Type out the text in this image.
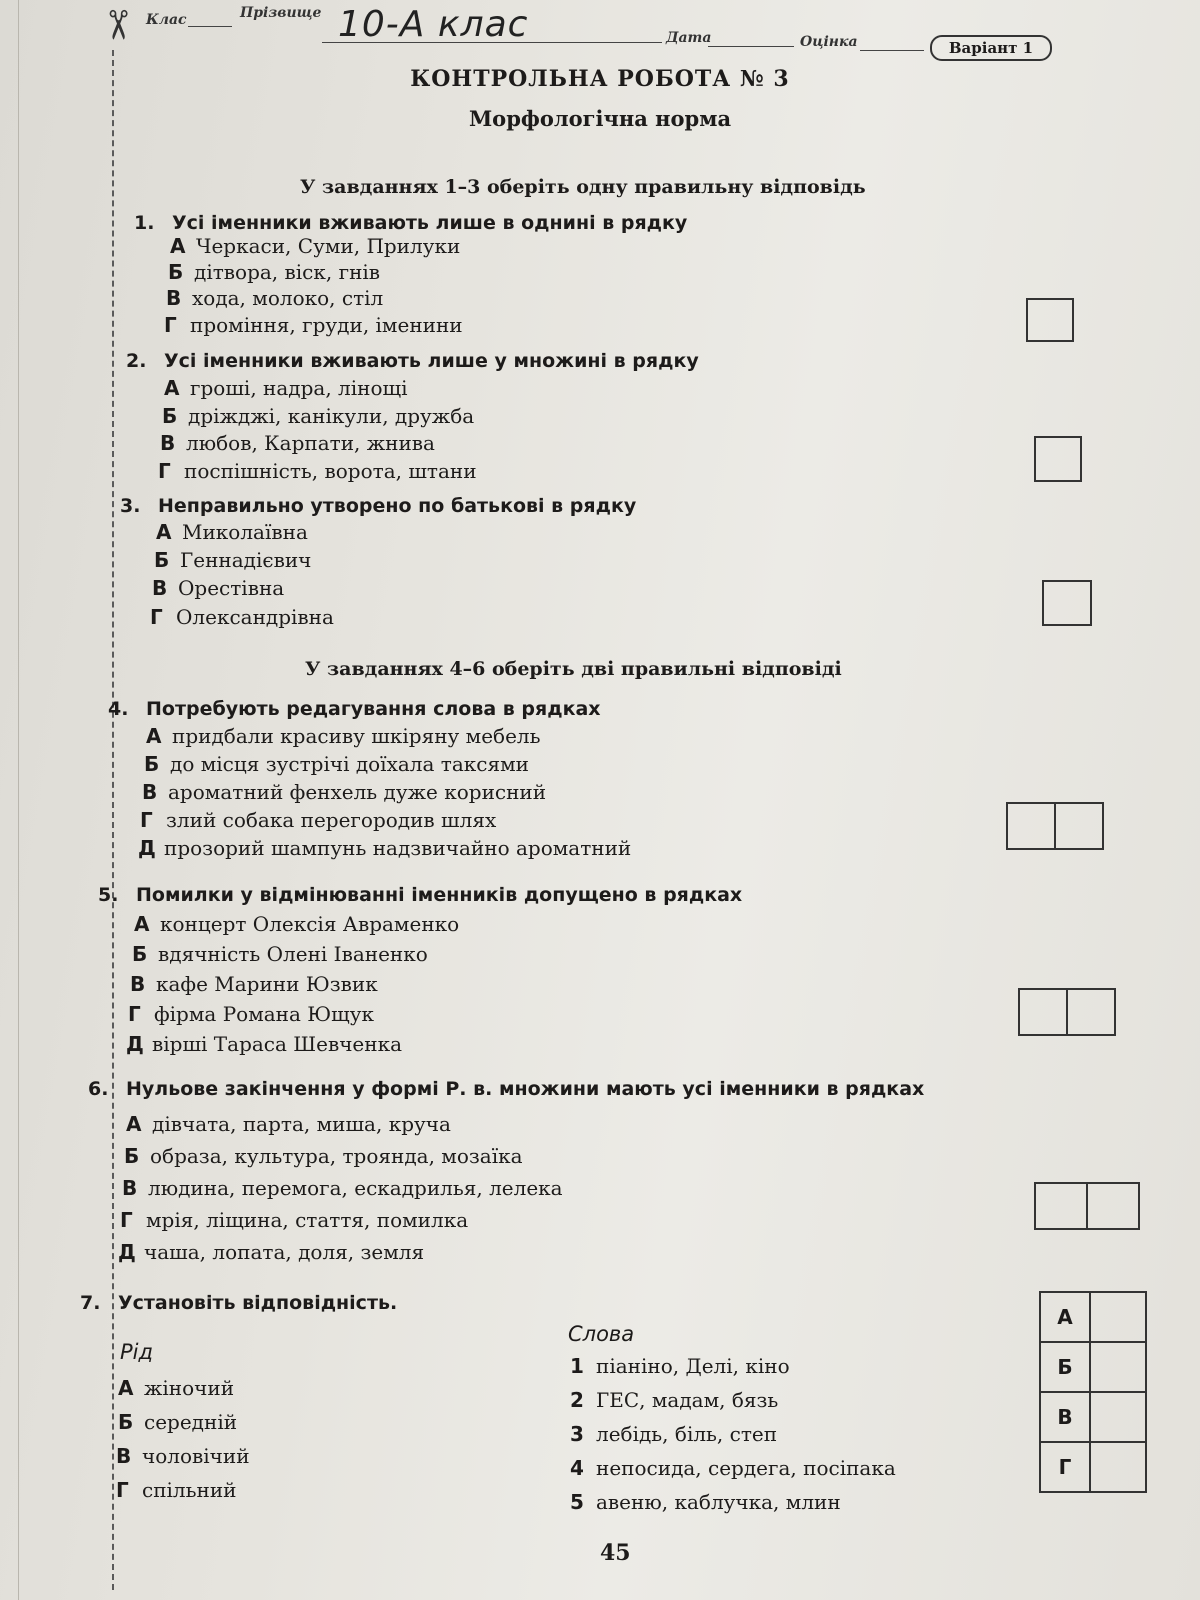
✂ Клас	Прізвище 10-А клас	Дата	Оцінка	Варіант 1
КОНТРОЛЬНА РОБОТА № 3
Морфологічна норма
У завданнях 1–3 оберіть одну правильну відповідь
У завданнях 4–6 оберіть дві правильні відповіді
1. Усі іменники вживають лише в однині в рядку
А Черкаси, Суми, Прилуки
Б дітвора, віск, гнів
В хода, молоко, стіл
Г проміння, груди, іменини
2. Усі іменники вживають лише у множині в рядку
А гроші, надра, лінощі
Б дріжджі, канікули, дружба
В любов, Карпати, жнива
Г поспішність, ворота, штани
3. Неправильно утворено по батькові в рядку
А Миколаївна
Б Геннадієвич
В Орестівна
Г Олександрівна
4. Потребують редагування слова в рядках
А придбали красиву шкіряну мебель
Б до місця зустрічі доїхала таксями
В ароматний фенхель дуже корисний
Г злий собака перегородив шлях
Д прозорий шампунь надзвичайно ароматний
5. Помилки у відмінюванні іменників допущено в рядках
А концерт Олексія Авраменко
Б вдячність Олені Іваненко
В кафе Марини Юзвик
Г фірма Романа Ющук
Д вірші Тараса Шевченка
6. Нульове закінчення у формі Р. в. множини мають усі іменники в рядках
А дівчата, парта, миша, круча
Б образа, культура, троянда, мозаїка
В людина, перемога, ескадрилья, лелека
Г мрія, ліщина, стаття, помилка
Д чаша, лопата, доля, земля
7. Установіть відповідність.
Рід
Слова
А жіночий
Б середній
В чоловічий
Г спільний
1 піаніно, Делі, кіно
2 ГЕС, мадам, бязь
3 лебідь, біль, степ
4 непосида, сердега, посіпака
5 авеню, каблучка, млин
А
Б
В
Г
45
